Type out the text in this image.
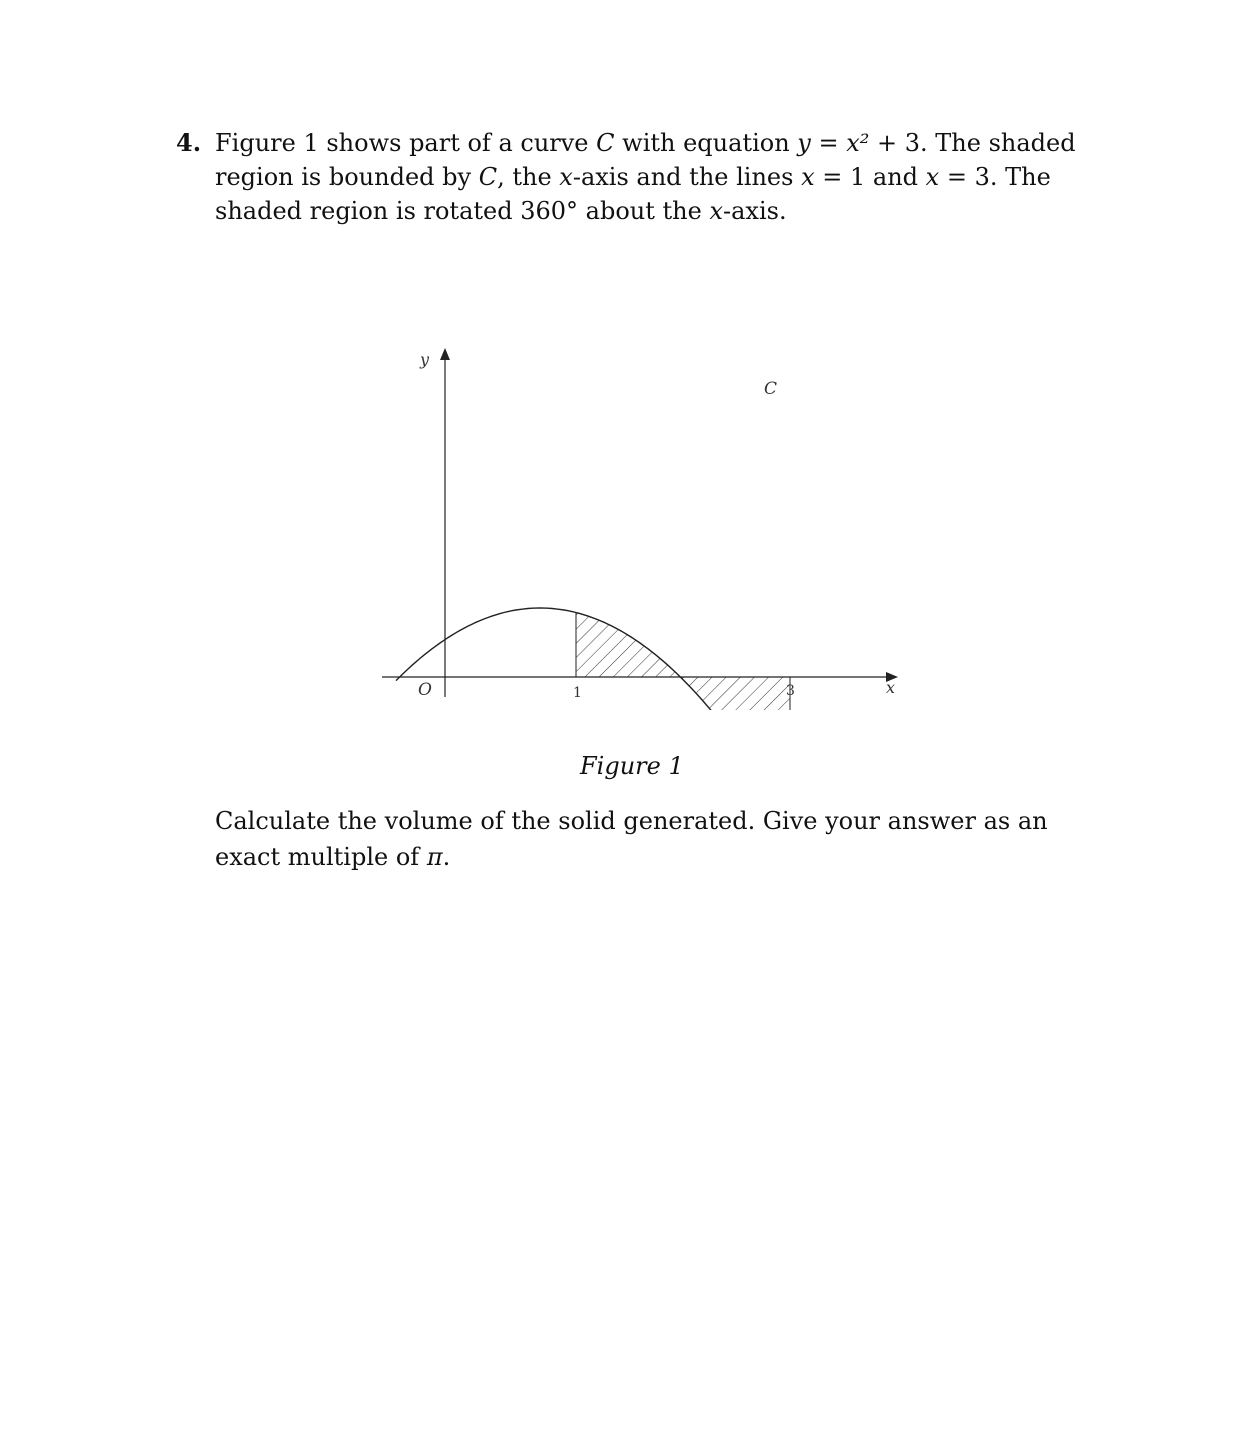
4. Figure 1 shows part of a curve C with equation y = x² + 3. The shaded region is bounded by C, the x-axis and the lines x = 1 and x = 3. The shaded region is rotated 360° about the x-axis.
y
x
O
C
1	3
Figure 1
Calculate the volume of the solid generated. Give your answer as an exact multiple of π.
